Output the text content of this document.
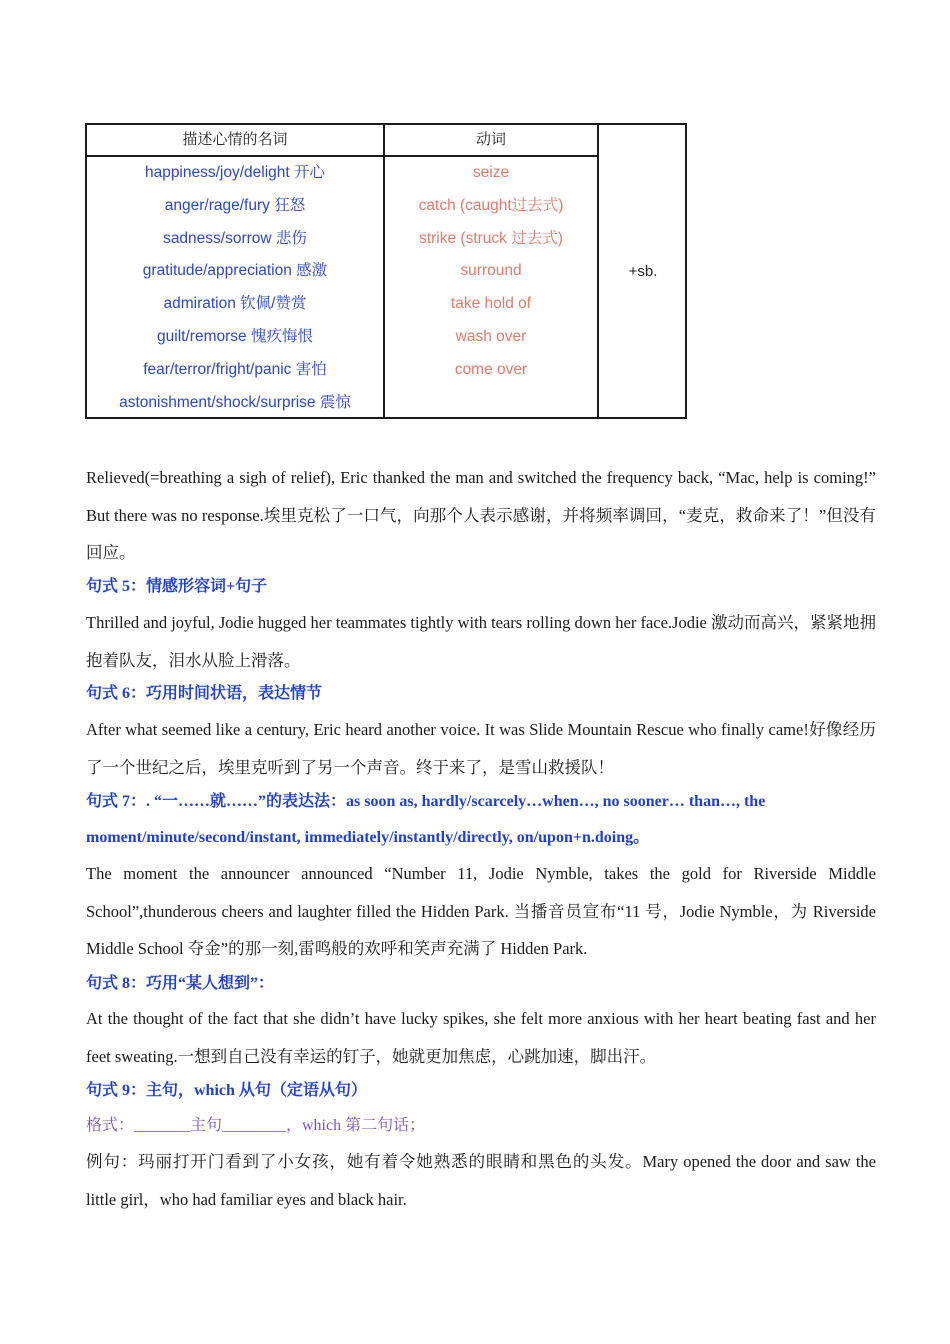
描述心情的名词	动词
happiness/joy/delight 开心
anger/rage/fury 狂怒
sadness/sorrow 悲伤
gratitude/appreciation 感激
admiration 钦佩/赞赏
guilt/remorse 愧疚悔恨
fear/terror/fright/panic 害怕
astonishment/shock/surprise 震惊
seize
catch (caught过去式)
strike (struck 过去式)
surround
take hold of
wash over
come over
+sb.

Relieved(=breathing a sigh of relief), Eric thanked the man and switched the frequency back, “Mac, help is coming!” But there was no response.埃里克松了一口气，向那个人表示感谢，并将频率调回，“麦克，救命来了！”但没有回应。

句式 5：情感形容词+句子

Thrilled and joyful, Jodie hugged her teammates tightly with tears rolling down her face.Jodie 激动而高兴，紧紧地拥抱着队友，泪水从脸上滑落。

句式 6：巧用时间状语，表达情节

After what seemed like a century, Eric heard another voice. It was Slide Mountain Rescue who finally came!好像经历了一个世纪之后，埃里克听到了另一个声音。终于来了，是雪山救援队！

句式 7：. “一……就……”的表达法：as soon as, hardly/scarcely…when…, no sooner… than…, the moment/minute/second/instant, immediately/instantly/directly, on/upon+n.doing。

The moment the announcer announced “Number 11, Jodie Nymble, takes the gold for Riverside Middle School”,thunderous cheers and laughter filled the Hidden Park. 当播音员宣布“11 号，Jodie Nymble，为 Riverside Middle School 夺金”的那一刻,雷鸣般的欢呼和笑声充满了 Hidden Park.

句式 8：巧用“某人想到”：

At the thought of the fact that she didn’t have lucky spikes, she felt more anxious with her heart beating fast and her feet sweating.一想到自己没有幸运的钉子，她就更加焦虑，心跳加速，脚出汗。

句式 9：主句，which 从句（定语从句）

格式：_______主句________，which 第二句话；

例句：玛丽打开门看到了小女孩，她有着令她熟悉的眼睛和黑色的头发。Mary opened the door and saw the little girl，who had familiar eyes and black hair.
